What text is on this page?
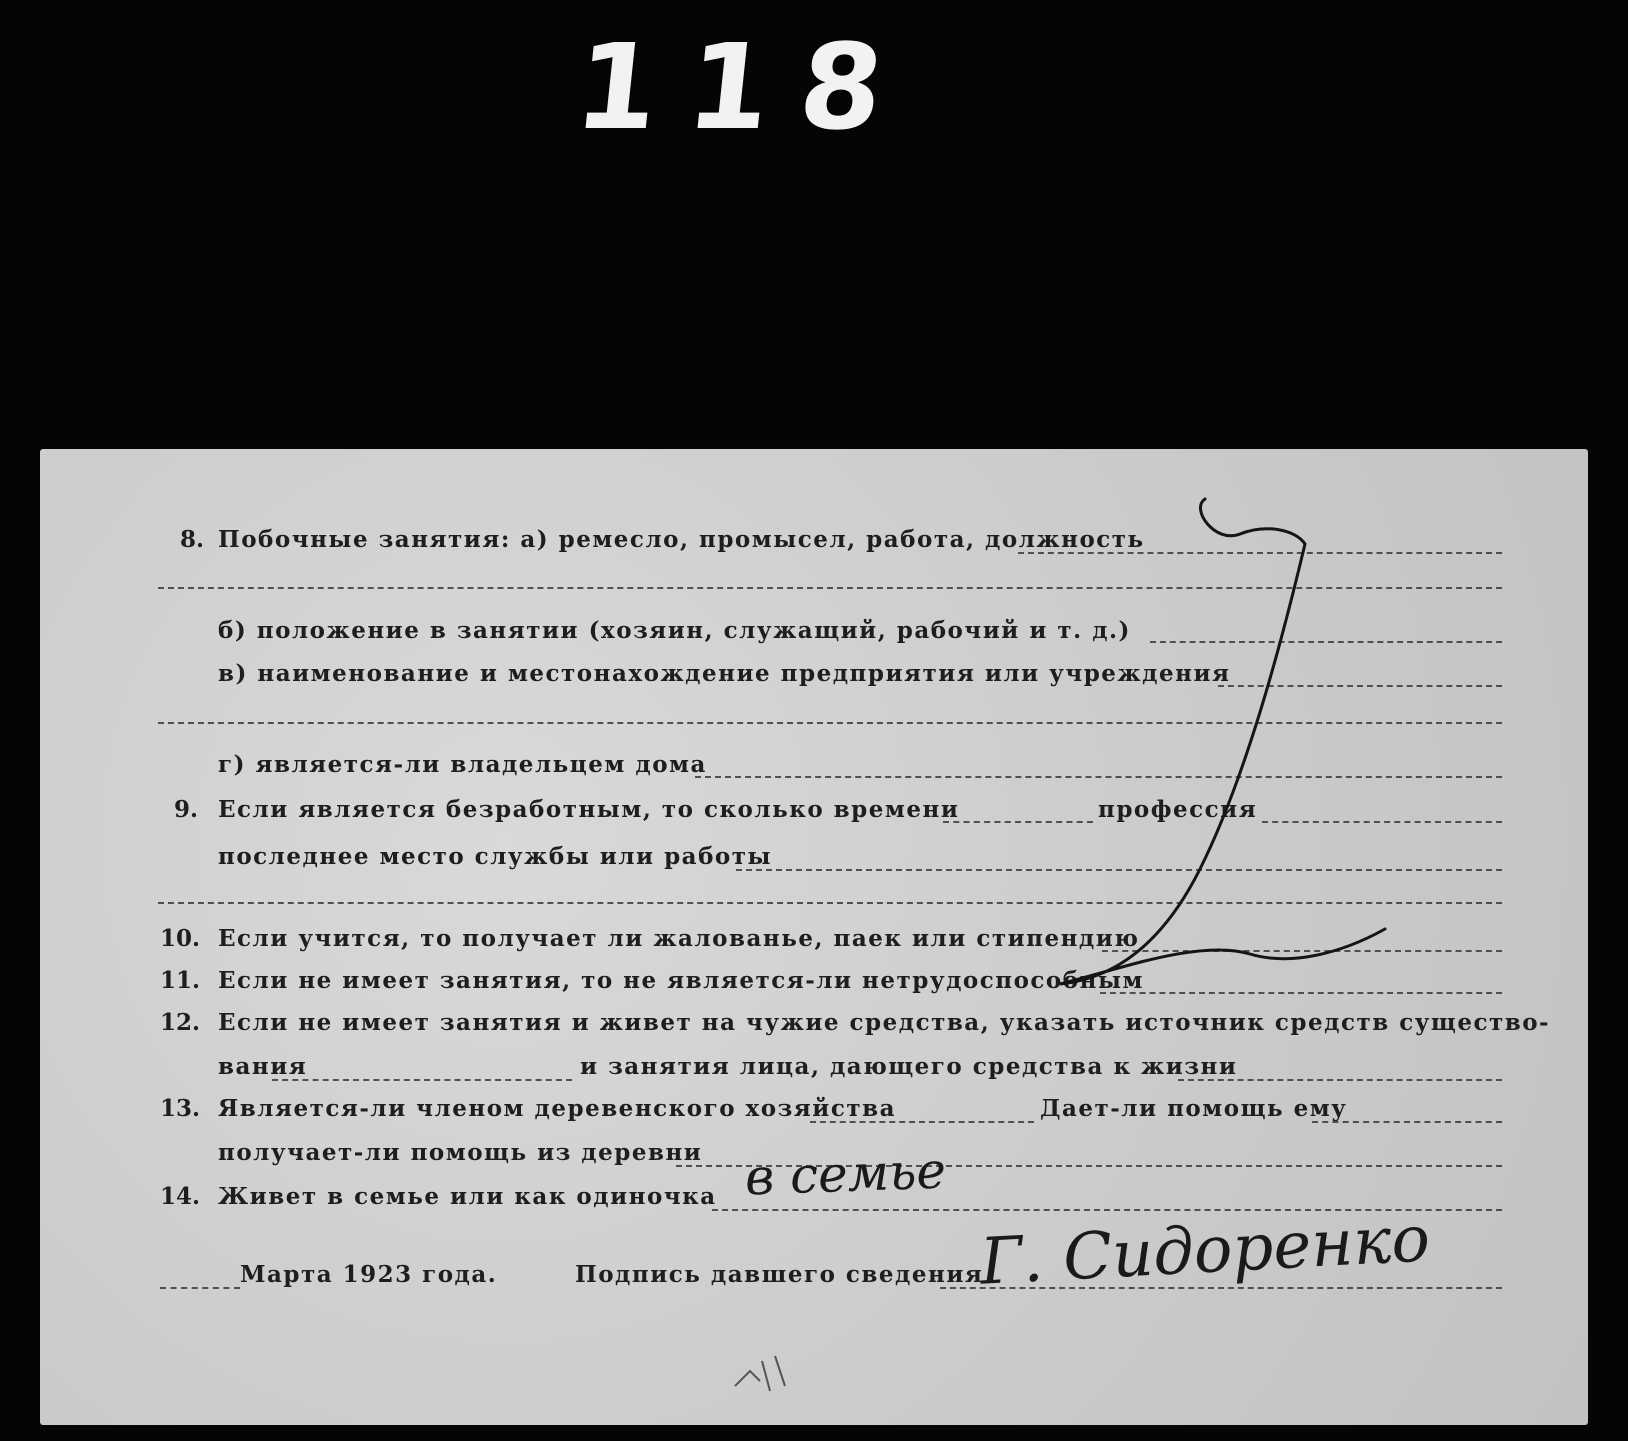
118
8. Побочные занятия: а) ремесло, промысел, работа, должность
б) положение в занятии (хозяин, служащий, рабочий и т. д.)
в) наименование и местонахождение предприятия или учреждения
г) является-ли владельцем дома
9. Если является безработным, то сколько времени	профессия
последнее место службы или работы
10. Если учится, то получает ли жалованье, паек или стипендию
11. Если не имеет занятия, то не является-ли нетрудоспособным
12. Если не имеет занятия и живет на чужие средства, указать источник средств существо-
вания	и занятия лица, дающего средства к жизни
13. Является-ли членом деревенского хозяйства	Дает-ли помощь ему
получает-ли помощь из деревни
14. Живет в семье или как одиночка в семье
Марта 1923 года.	Подпись давшего сведения
Г. Сидоренко
